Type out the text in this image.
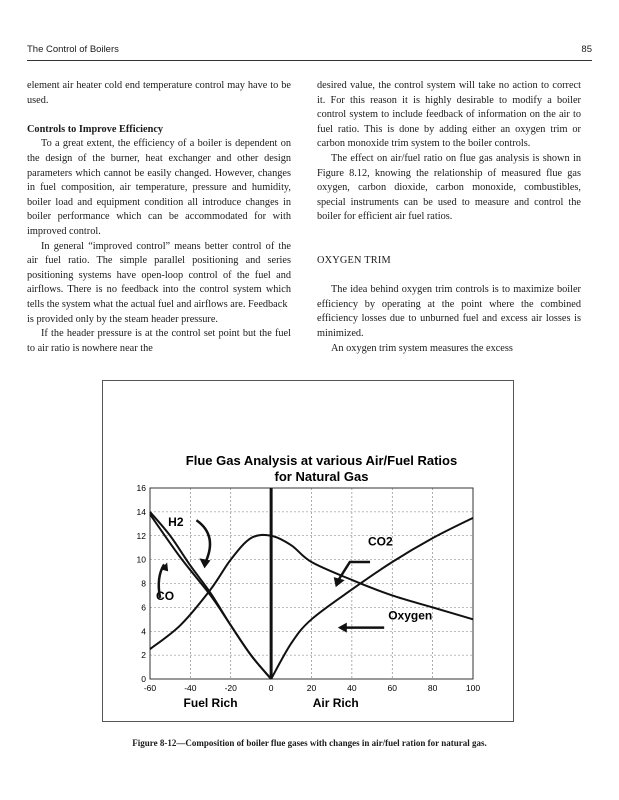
The Control of Boilers	85

element air heater cold end temperature control may have to be used.

Controls to Improve Efficiency

To a great extent, the efficiency of a boiler is dependent on the design of the burner, heat exchanger and other design parameters which cannot be easily changed. However, changes in fuel composition, air temperature, pressure and humidity, boiler load and equipment condition all introduce changes in boiler performance which can be accommodated for with improved control.

In general “improved control” means better control of the air fuel ratio. The simple parallel positioning and series positioning systems have open-loop control of the fuel and airflows. There is no feedback into the control system which tells the system what the actual fuel and airflows are. Feedback

is provided only by the steam header pressure.

If the header pressure is at the control set point but the fuel to air ratio is nowhere near the

desired value, the control system will take no action to correct it. For this reason it is highly desirable to modify a boiler control system to include feedback of information on the air to fuel ratio. This is done by adding either an oxygen trim or carbon monoxide trim system to the boiler controls.

The effect on air/fuel ratio on flue gas analysis is shown in Figure 8.12, knowing the relationship of measured flue gas oxygen, carbon dioxide, carbon monoxide, combustibles, special instruments can be used to measure and control the boiler for efficient air fuel ratios.

OXYGEN TRIM

The idea behind oxygen trim controls is to maximize boiler efficiency by operating at the point where the combined efficiency losses due to unburned fuel and excess air losses is minimized.

An oxygen trim system measures the excess

Flue Gas Analysis at various Air/Fuel Ratios
for Natural Gas
-60	-40	-20	0	20	40	60	80	100
0
2
4
6
8
10
12
14
16
H2
CO2
CO
Oxygen
Fuel Rich	Air Rich
Figure 8-12—Composition of boiler flue gases with changes in air/fuel ration for natural gas.
